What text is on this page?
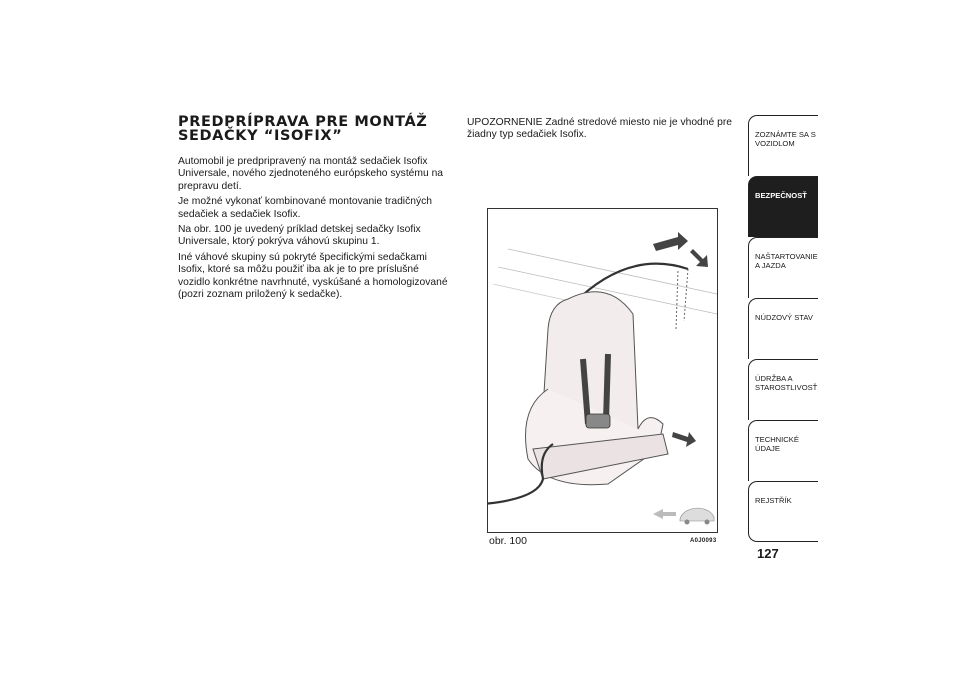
PREDPRÍPRAVA PRE MONTÁŽ SEDAČKY “ISOFIX”

Automobil je predpripravený na montáž sedačiek Isofix Universale, nového zjednoteného európskeho systému na prepravu detí.

Je možné vykonať kombinované montovanie tradičných sedačiek a sedačiek Isofix.

Na obr. 100 je uvedený príklad detskej sedačky Isofix Universale, ktorý pokrýva váhovú skupinu 1.

Iné váhové skupiny sú pokryté špecifickými sedačkami Isofix, ktoré sa môžu použiť iba ak je to pre príslušné vozidlo konkrétne navrhnuté, vyskúšané a homologizované (pozri zoznam priložený k sedačke).

UPOZORNENIE Zadné stredové miesto nie je vhodné pre žiadny typ sedačiek Isofix.

obr. 100	A0J0093
ZOZNÁMTE SA S VOZIDLOM
BEZPEČNOSŤ
NAŠTARTOVANIE A JAZDA
NÚDZOVÝ STAV
ÚDRŽBA A STAROSTLIVOSŤ
TECHNICKÉ ÚDAJE
REJSTŘÍK
127
